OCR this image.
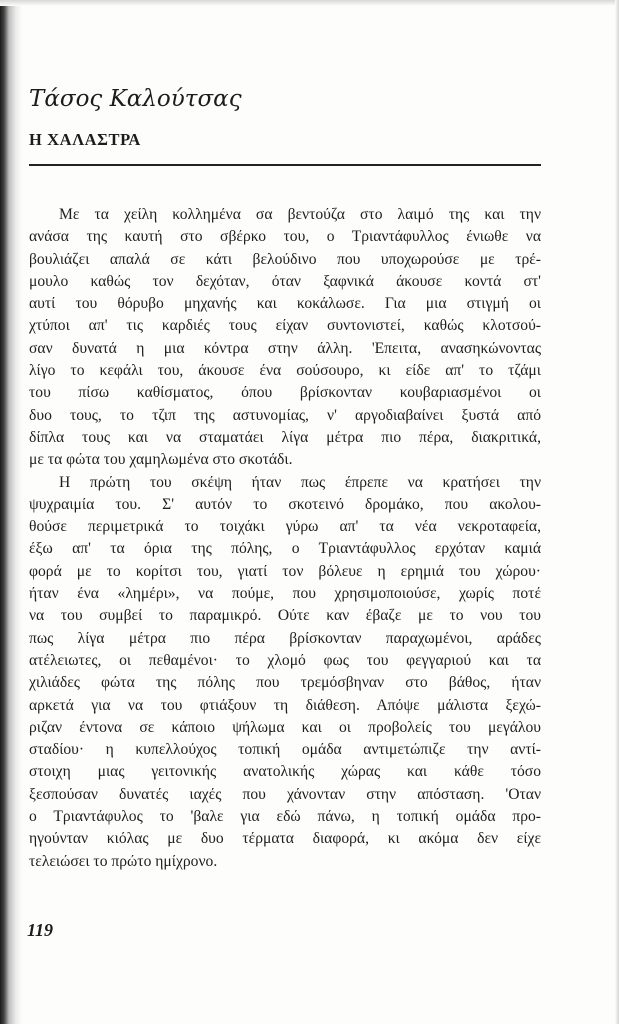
Τάσος Καλούτσας
Η ΧΑΛΑΣΤΡΑ
Με τα χείλη κολλημένα σα βεντούζα στο λαιμό της και την
ανάσα της καυτή στο σβέρκο του, ο Τριαντάφυλλος ένιωθε να
βουλιάζει απαλά σε κάτι βελούδινο που υποχωρούσε με τρέ-
μουλο καθώς τον δεχόταν, όταν ξαφνικά άκουσε κοντά στ'
αυτί του θόρυβο μηχανής και κοκάλωσε. Για μια στιγμή οι
χτύποι απ' τις καρδιές τους είχαν συντονιστεί, καθώς κλοτσού-
σαν δυνατά η μια κόντρα στην άλλη. 'Επειτα, ανασηκώνοντας
λίγο το κεφάλι του, άκουσε ένα σούσουρο, κι είδε απ' το τζάμι
του πίσω καθίσματος, όπου βρίσκονταν κουβαριασμένοι οι
δυο τους, το τζιπ της αστυνομίας, ν' αργοδιαβαίνει ξυστά από
δίπλα τους και να σταματάει λίγα μέτρα πιο πέρα, διακριτικά,
με τα φώτα του χαμηλωμένα στο σκοτάδι.
Η πρώτη του σκέψη ήταν πως έπρεπε να κρατήσει την
ψυχραιμία του. Σ' αυτόν το σκοτεινό δρομάκο, που ακολου-
θούσε περιμετρικά το τοιχάκι γύρω απ' τα νέα νεκροταφεία,
έξω απ' τα όρια της πόλης, ο Τριαντάφυλλος ερχόταν καμιά
φορά με το κορίτσι του, γιατί τον βόλευε η ερημιά του χώρου·
ήταν ένα «λημέρι», να πούμε, που χρησιμοποιούσε, χωρίς ποτέ
να του συμβεί το παραμικρό. Ούτε καν έβαζε με το νου του
πως λίγα μέτρα πιο πέρα βρίσκονταν παραχωμένοι, αράδες
ατέλειωτες, οι πεθαμένοι· το χλομό φως του φεγγαριού και τα
χιλιάδες φώτα της πόλης που τρεμόσβηναν στο βάθος, ήταν
αρκετά για να του φτιάξουν τη διάθεση. Απόψε μάλιστα ξεχώ-
ριζαν έντονα σε κάποιο ψήλωμα και οι προβολείς του μεγάλου
σταδίου· η κυπελλούχος τοπική ομάδα αντιμετώπιζε την αντί-
στοιχη μιας γειτονικής ανατολικής χώρας και κάθε τόσο
ξεσπούσαν δυνατές ιαχές που χάνονταν στην απόσταση. 'Οταν
ο Τριαντάφυλος το 'βαλε για εδώ πάνω, η τοπική ομάδα προ-
ηγούνταν κιόλας με δυο τέρματα διαφορά, κι ακόμα δεν είχε
τελειώσει το πρώτο ημίχρονο.
119
